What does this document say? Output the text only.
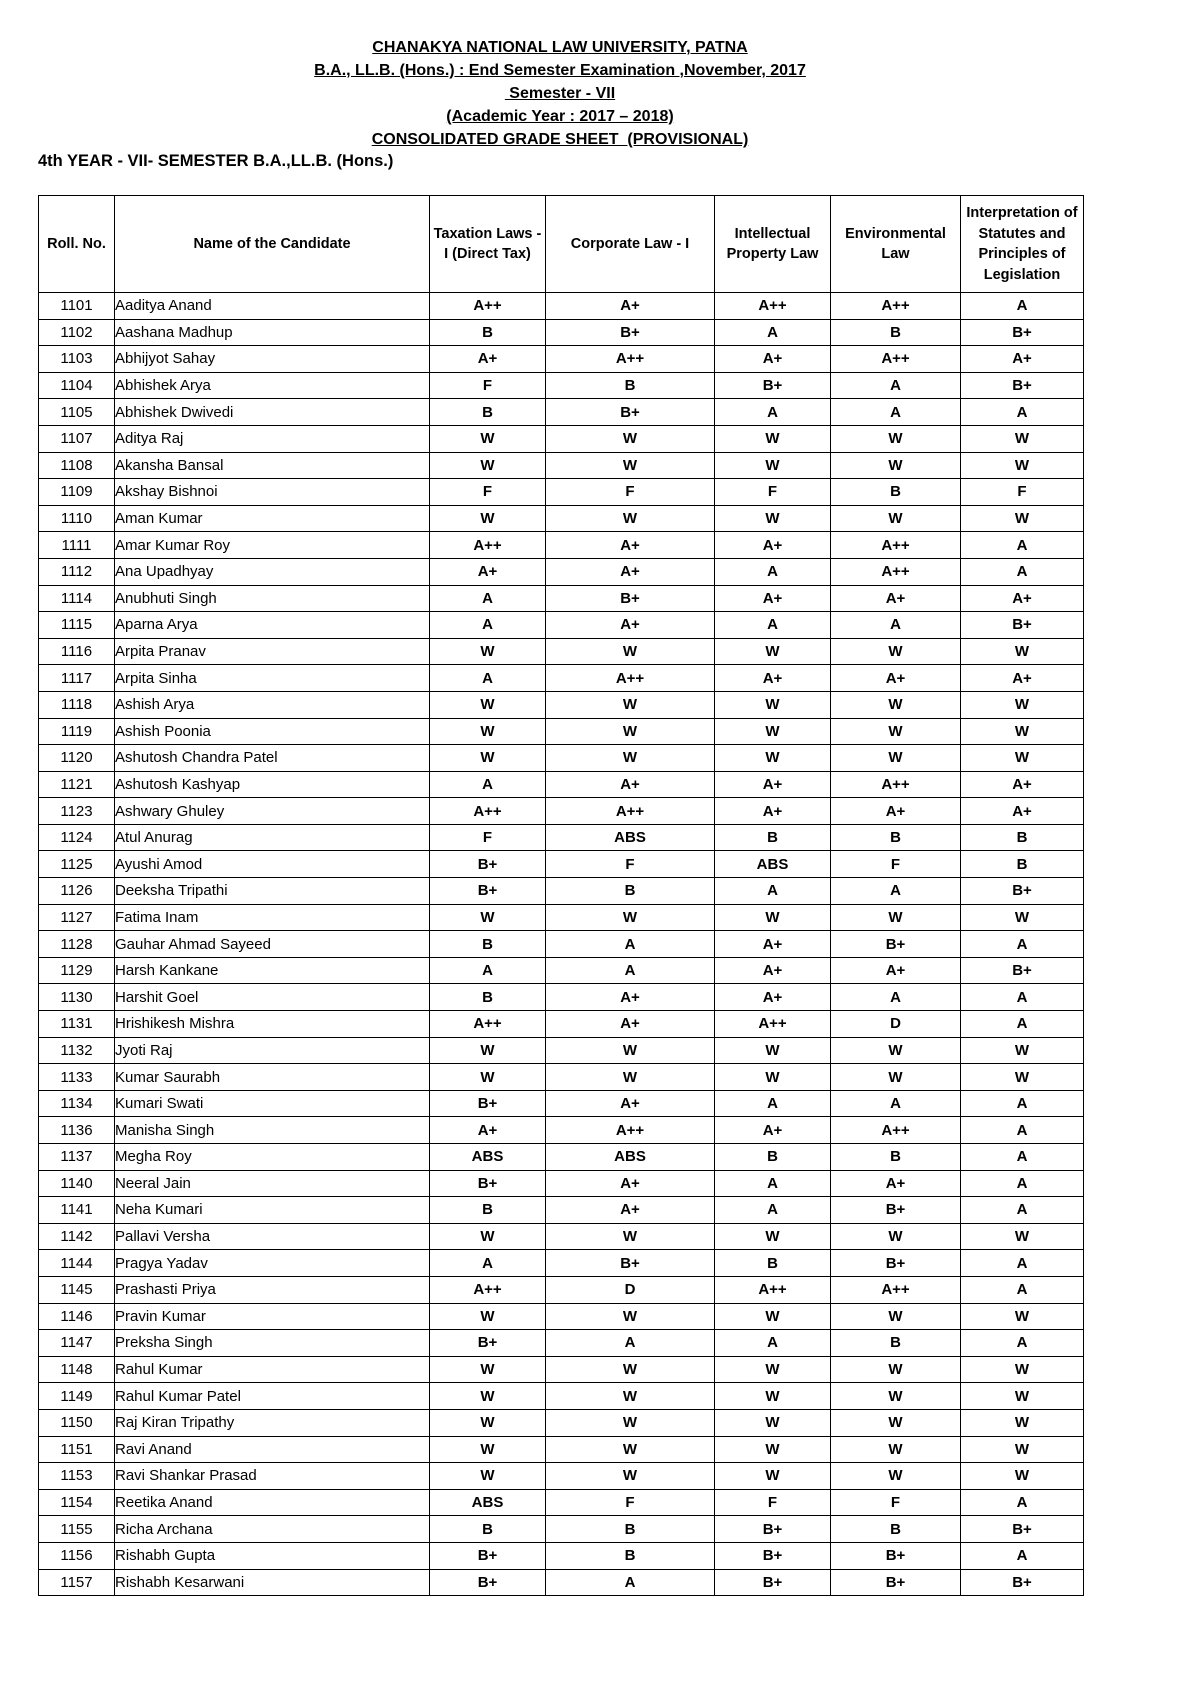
CHANAKYA NATIONAL LAW UNIVERSITY, PATNA
B.A., LL.B. (Hons.) : End Semester Examination ,November, 2017
Semester - VII
(Academic Year : 2017 – 2018)
CONSOLIDATED GRADE SHEET  (PROVISIONAL)
4th YEAR - VII- SEMESTER B.A.,LL.B. (Hons.)
Roll. No.	Name of the Candidate	Taxation Laws - I (Direct Tax)	Corporate Law - I	Intellectual Property Law	Environmental Law	Interpretation of Statutes and Principles of Legislation
1101	Aaditya Anand	A++	A+	A++	A++	A
1102	Aashana Madhup	B	B+	A	B	B+
1103	Abhijyot Sahay	A+	A++	A+	A++	A+
1104	Abhishek Arya	F	B	B+	A	B+
1105	Abhishek Dwivedi	B	B+	A	A	A
1107	Aditya Raj	W	W	W	W	W
1108	Akansha Bansal	W	W	W	W	W
1109	Akshay Bishnoi	F	F	F	B	F
1110	Aman Kumar	W	W	W	W	W
1111	Amar Kumar Roy	A++	A+	A+	A++	A
1112	Ana Upadhyay	A+	A+	A	A++	A
1114	Anubhuti Singh	A	B+	A+	A+	A+
1115	Aparna Arya	A	A+	A	A	B+
1116	Arpita Pranav	W	W	W	W	W
1117	Arpita Sinha	A	A++	A+	A+	A+
1118	Ashish Arya	W	W	W	W	W
1119	Ashish Poonia	W	W	W	W	W
1120	Ashutosh Chandra Patel	W	W	W	W	W
1121	Ashutosh Kashyap	A	A+	A+	A++	A+
1123	Ashwary Ghuley	A++	A++	A+	A+	A+
1124	Atul Anurag	F	ABS	B	B	B
1125	Ayushi Amod	B+	F	ABS	F	B
1126	Deeksha Tripathi	B+	B	A	A	B+
1127	Fatima Inam	W	W	W	W	W
1128	Gauhar Ahmad Sayeed	B	A	A+	B+	A
1129	Harsh Kankane	A	A	A+	A+	B+
1130	Harshit Goel	B	A+	A+	A	A
1131	Hrishikesh Mishra	A++	A+	A++	D	A
1132	Jyoti Raj	W	W	W	W	W
1133	Kumar Saurabh	W	W	W	W	W
1134	Kumari Swati	B+	A+	A	A	A
1136	Manisha Singh	A+	A++	A+	A++	A
1137	Megha Roy	ABS	ABS	B	B	A
1140	Neeral Jain	B+	A+	A	A+	A
1141	Neha Kumari	B	A+	A	B+	A
1142	Pallavi Versha	W	W	W	W	W
1144	Pragya Yadav	A	B+	B	B+	A
1145	Prashasti Priya	A++	D	A++	A++	A
1146	Pravin Kumar	W	W	W	W	W
1147	Preksha Singh	B+	A	A	B	A
1148	Rahul Kumar	W	W	W	W	W
1149	Rahul Kumar Patel	W	W	W	W	W
1150	Raj Kiran Tripathy	W	W	W	W	W
1151	Ravi Anand	W	W	W	W	W
1153	Ravi Shankar Prasad	W	W	W	W	W
1154	Reetika Anand	ABS	F	F	F	A
1155	Richa Archana	B	B	B+	B	B+
1156	Rishabh Gupta	B+	B	B+	B+	A
1157	Rishabh Kesarwani	B+	A	B+	B+	B+
